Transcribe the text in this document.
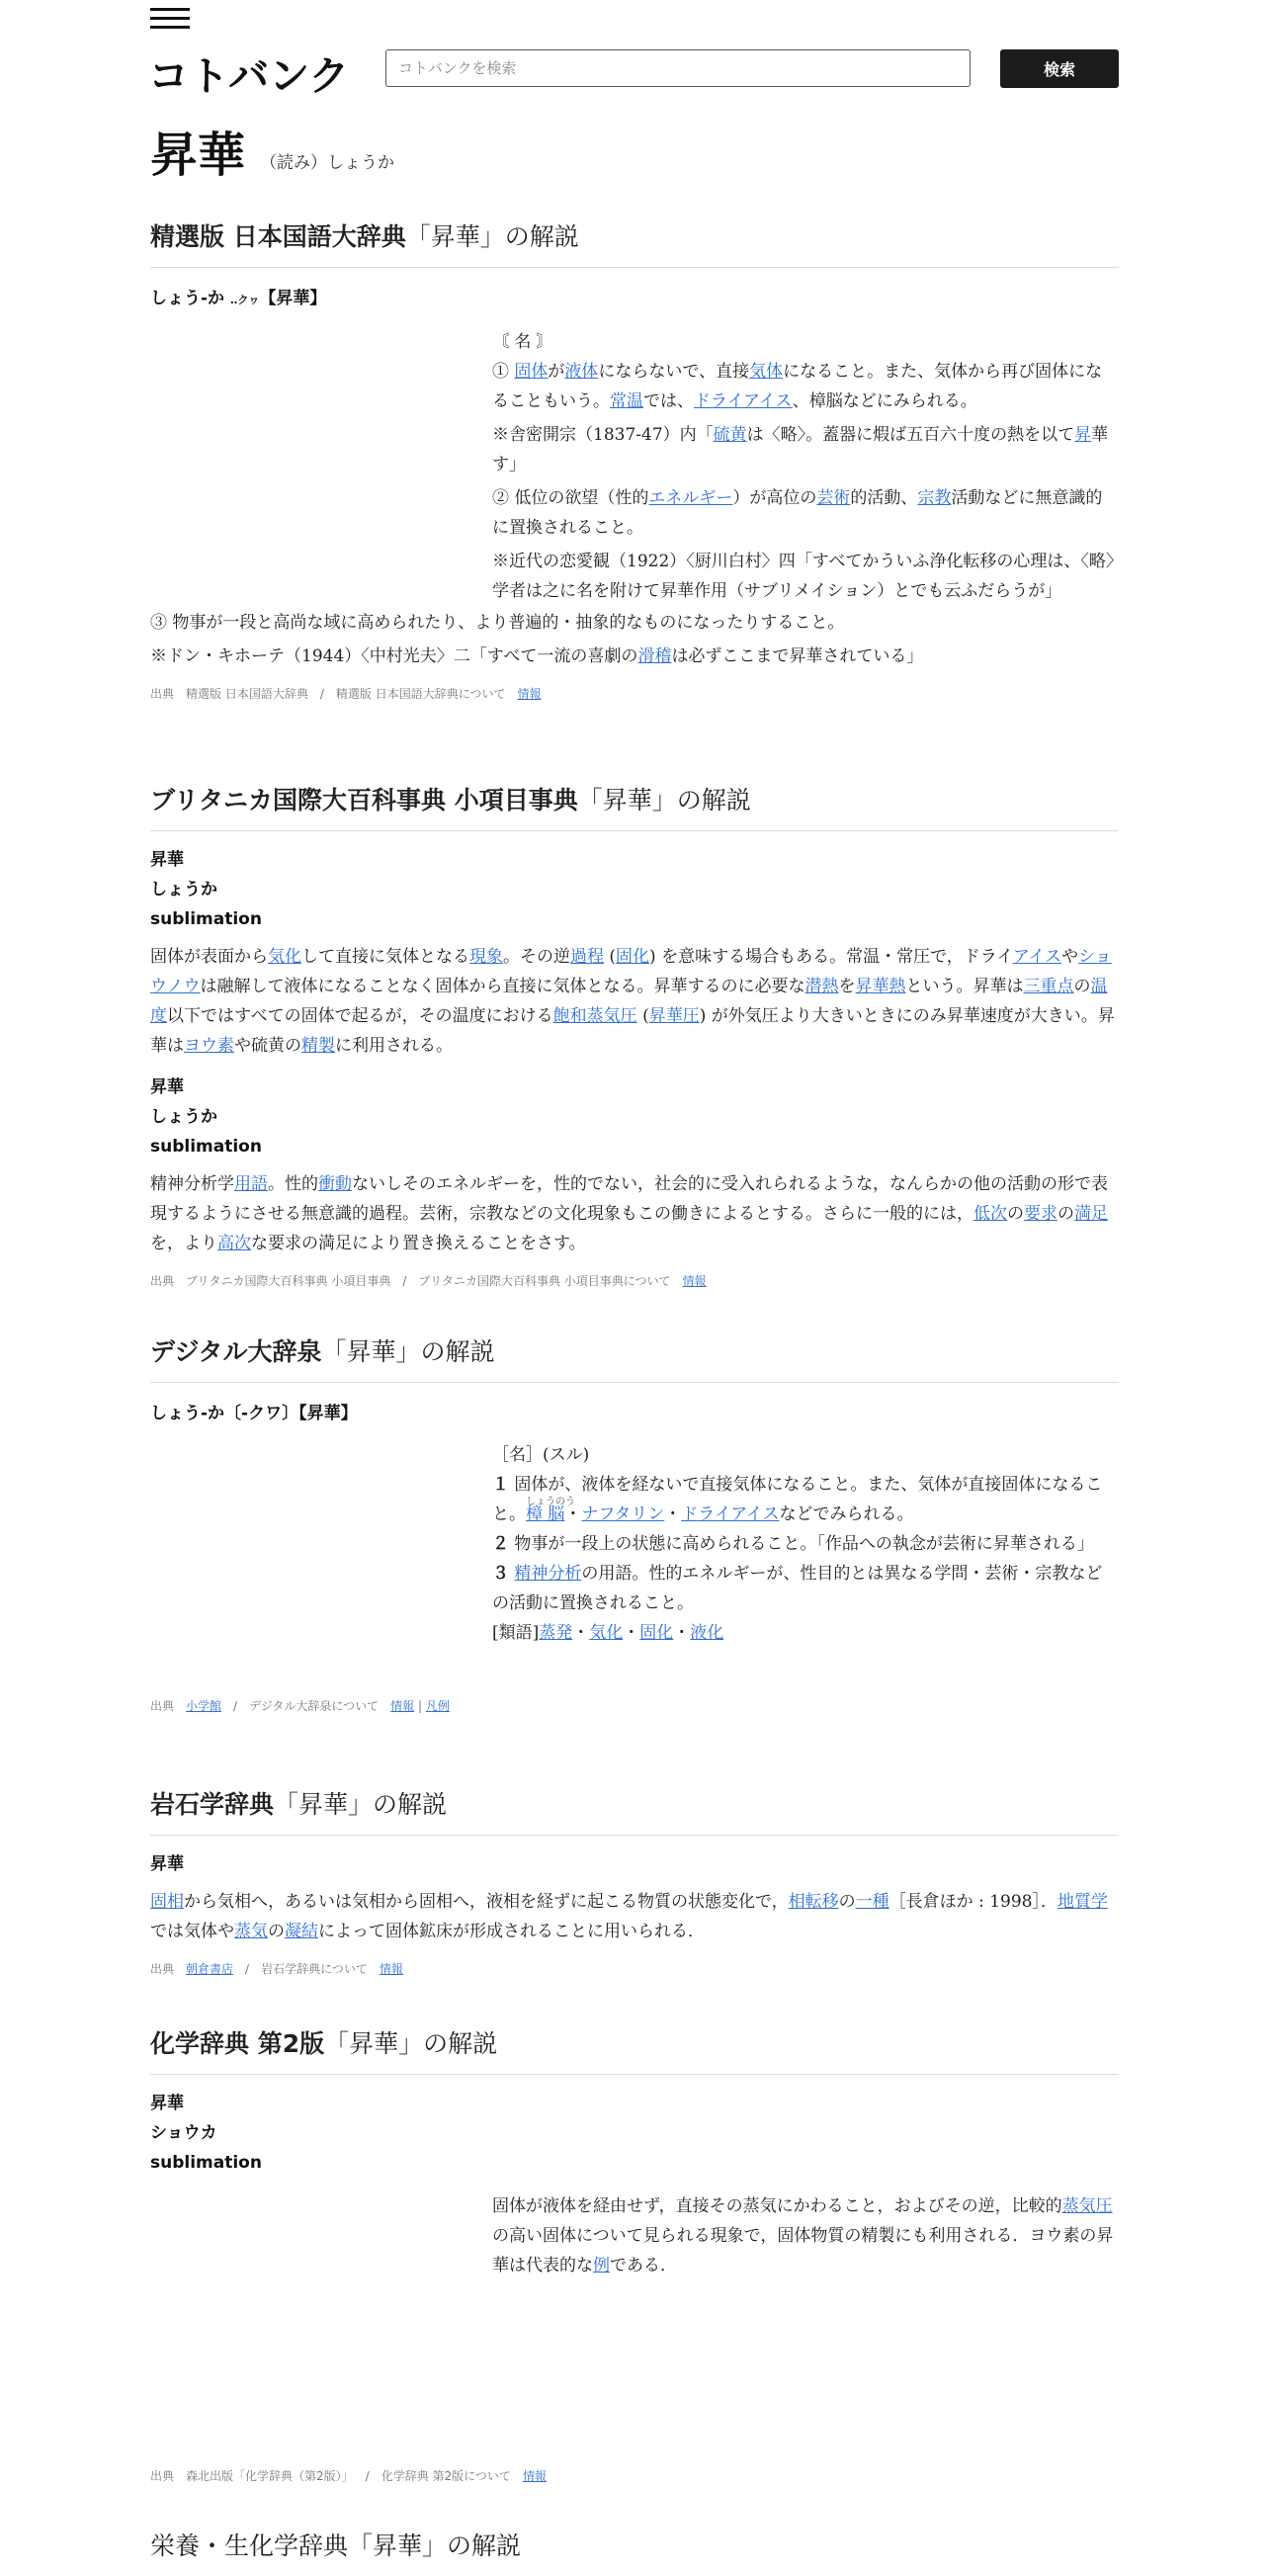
コトバンク
コトバンクを検索	検索
昇華 （読み）しょうか
精選版 日本国語大辞典「昇華」の解説
しょう-か ‥クヮ【昇華】
〘 名 〙
① 固体が液体にならないで、直接気体になること。また、気体から再び固体になることもいう。常温では、ドライアイス、樟脳などにみられる。
※舎密開宗（1837‐47）内「硫黄は〈略〉。蓋器に煆ば五百六十度の熱を以て昇華す」
② 低位の欲望（性的エネルギー）が高位の芸術的活動、宗教活動などに無意識的に置換されること。
※近代の恋愛観（1922）〈厨川白村〉四「すべてかういふ浄化転移の心理は、〈略〉学者は之に名を附けて昇華作用（サブリメイション）とでも云ふだらうが」
③ 物事が一段と高尚な域に高められたり、より普遍的・抽象的なものになったりすること。
※ドン・キホーテ（1944）〈中村光夫〉二「すべて一流の喜劇の滑稽は必ずここまで昇華されている」
出典　 精選版 日本国語大辞典 / 精選版 日本国語大辞典について　 情報
ブリタニカ国際大百科事典 小項目事典「昇華」の解説
昇華
しょうか
sublimation
固体が表面から気化して直接に気体となる現象。その逆過程 (固化) を意味する場合もある。常温・常圧で，ドライアイスやショウノウは融解して液体になることなく固体から直接に気体となる。昇華するのに必要な潜熱を昇華熱という。昇華は三重点の温度以下ではすべての固体で起るが，その温度における飽和蒸気圧 (昇華圧) が外気圧より大きいときにのみ昇華速度が大きい。昇華はヨウ素や硫黄の精製に利用される。
昇華
しょうか
sublimation
精神分析学用語。性的衝動ないしそのエネルギーを，性的でない，社会的に受入れられるような，なんらかの他の活動の形で表現するようにさせる無意識的過程。芸術，宗教などの文化現象もこの働きによるとする。さらに一般的には，低次の要求の満足を，より高次な要求の満足により置き換えることをさす。
出典　 ブリタニカ国際大百科事典 小項目事典 / ブリタニカ国際大百科事典 小項目事典について　 情報
デジタル大辞泉「昇華」の解説
しょう-か〔-クワ〕【昇華】
［名］(スル)
１ 固体が、液体を経ないで直接気体になること。また、気体が直接固体になること。
しょうのう
樟 脳・ナフタリン・ドライアイスなどでみられる。
２ 物事が一段上の状態に高められること。「作品への執念が芸術に昇華される」
３ 精神分析の用語。性的エネルギーが、性目的とは異なる学問・芸術・宗教などの活動に置換されること。
[類語]蒸発・気化・固化・液化
出典　 小学館 / デジタル大辞泉について　 情報 | 凡例
岩石学辞典「昇華」の解説
昇華
固相から気相へ，あるいは気相から固相へ，液相を経ずに起こる物質の状態変化で，相転移の一種［長倉ほか : 1998］．地質学では気体や蒸気の凝結によって固体鉱床が形成されることに用いられる．
出典　 朝倉書店 / 岩石学辞典について　 情報
化学辞典 第2版「昇華」の解説
昇華
ショウカ
sublimation
固体が液体を経由せず，直接その蒸気にかわること，およびその逆，比較的蒸気圧の高い固体について見られる現象で，固体物質の精製にも利用される．ヨウ素の昇華は代表的な例である．
出典　 森北出版「化学辞典（第2版）」 / 化学辞典 第2版について　 情報
栄養・生化学辞典「昇華」の解説
